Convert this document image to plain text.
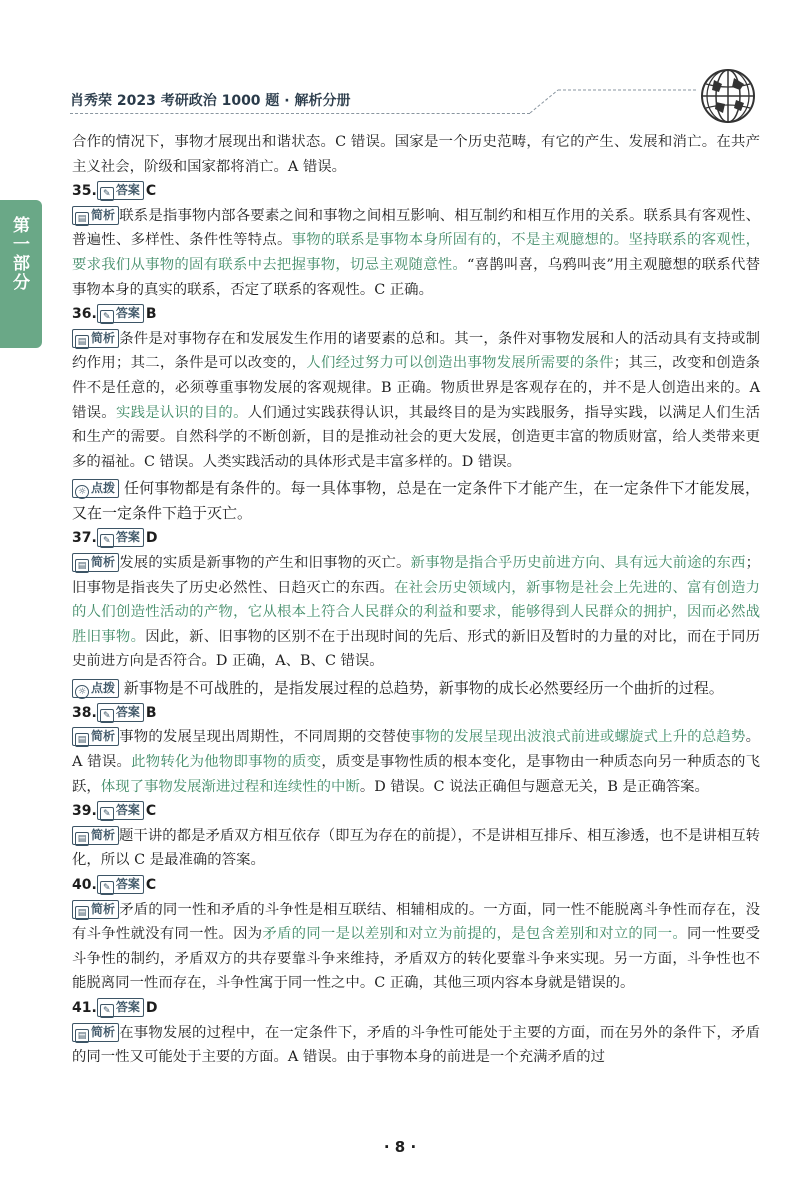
肖秀荣 2023 考研政治 1000 题 · 解析分册
第一部分

合作的情况下，事物才展现出和谐状态。C 错误。国家是一个历史范畴，有它的产生、发展和消亡。在共产主义社会，阶级和国家都将消亡。A 错误。

35. ✎ 答案 C

▤ 简析 联系是指事物内部各要素之间和事物之间相互影响、相互制约和相互作用的关系。联系具有客观性、普遍性、多样性、条件性等特点。事物的联系是事物本身所固有的，不是主观臆想的。坚持联系的客观性，要求我们从事物的固有联系中去把握事物，切忌主观随意性。“喜鹊叫喜，乌鸦叫丧”用主观臆想的联系代替事物本身的真实的联系，否定了联系的客观性。C 正确。

36. ✎ 答案 B

▤ 简析 条件是对事物存在和发展发生作用的诸要素的总和。其一，条件对事物发展和人的活动具有支持或制约作用；其二，条件是可以改变的，人们经过努力可以创造出事物发展所需要的条件；其三，改变和创造条件不是任意的，必须尊重事物发展的客观规律。B 正确。物质世界是客观存在的，并不是人创造出来的。A 错误。实践是认识的目的。人们通过实践获得认识，其最终目的是为实践服务，指导实践，以满足人们生活和生产的需要。自然科学的不断创新，目的是推动社会的更大发展，创造更丰富的物质财富，给人类带来更多的福祉。C 错误。人类实践活动的具体形式是丰富多样的。D 错误。

☼ 点拨 任何事物都是有条件的。每一具体事物，总是在一定条件下才能产生，在一定条件下才能发展，又在一定条件下趋于灭亡。

37. ✎ 答案 D

▤ 简析 发展的实质是新事物的产生和旧事物的灭亡。新事物是指合乎历史前进方向、具有远大前途的东西；旧事物是指丧失了历史必然性、日趋灭亡的东西。在社会历史领域内，新事物是社会上先进的、富有创造力的人们创造性活动的产物，它从根本上符合人民群众的利益和要求，能够得到人民群众的拥护，因而必然战胜旧事物。因此，新、旧事物的区别不在于出现时间的先后、形式的新旧及暂时的力量的对比，而在于同历史前进方向是否符合。D 正确，A、B、C 错误。

☼ 点拨 新事物是不可战胜的，是指发展过程的总趋势，新事物的成长必然要经历一个曲折的过程。

38. ✎ 答案 B

▤ 简析 事物的发展呈现出周期性，不同周期的交替使事物的发展呈现出波浪式前进或螺旋式上升的总趋势。A 错误。此物转化为他物即事物的质变，质变是事物性质的根本变化，是事物由一种质态向另一种质态的飞跃，体现了事物发展渐进过程和连续性的中断。D 错误。C 说法正确但与题意无关，B 是正确答案。

39. ✎ 答案 C

▤ 简析 题干讲的都是矛盾双方相互依存（即互为存在的前提），不是讲相互排斥、相互渗透，也不是讲相互转化，所以 C 是最准确的答案。

40. ✎ 答案 C

▤ 简析 矛盾的同一性和矛盾的斗争性是相互联结、相辅相成的。一方面，同一性不能脱离斗争性而存在，没有斗争性就没有同一性。因为矛盾的同一是以差别和对立为前提的，是包含差别和对立的同一。同一性要受斗争性的制约，矛盾双方的共存要靠斗争来维持，矛盾双方的转化要靠斗争来实现。另一方面，斗争性也不能脱离同一性而存在，斗争性寓于同一性之中。C 正确，其他三项内容本身就是错误的。

41. ✎ 答案 D

▤ 简析 在事物发展的过程中，在一定条件下，矛盾的斗争性可能处于主要的方面，而在另外的条件下，矛盾的同一性又可能处于主要的方面。A 错误。由于事物本身的前进是一个充满矛盾的过

· 8 ·
